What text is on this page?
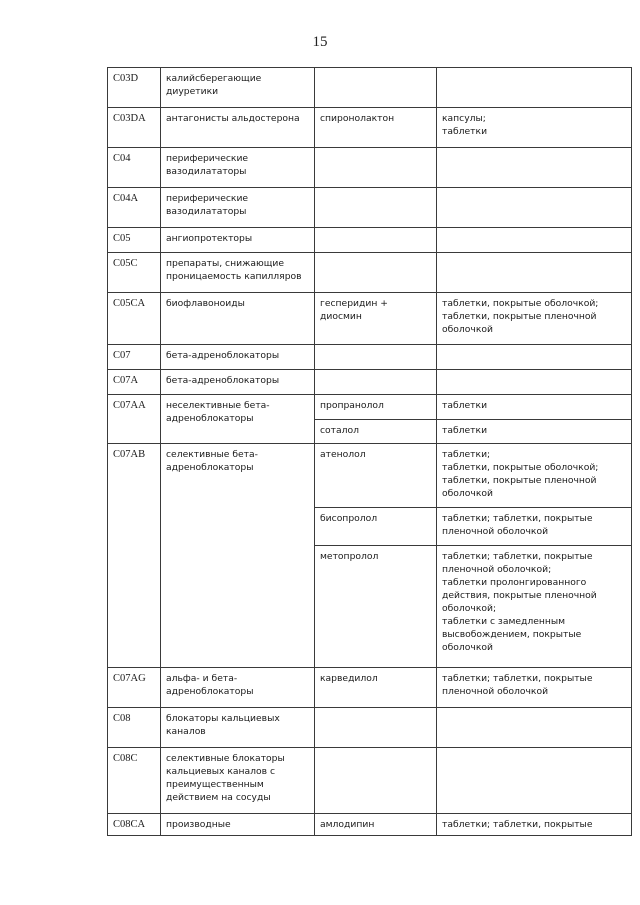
15
C03D	калийсберегающие диуретики		
C03DA	антагонисты альдостерона	спиронолактон	капсулы;
таблетки
C04	периферические вазодилататоры		
C04A	периферические вазодилататоры		
C05	ангиопротекторы		
C05C	препараты, снижающие проницаемость капилляров		
C05CA	биофлавоноиды	гесперидин + диосмин	таблетки, покрытые оболочкой; таблетки, покрытые пленочной оболочкой
C07	бета-адреноблокаторы		
C07A	бета-адреноблокаторы		
C07AA	неселективные бета-адреноблокаторы	пропранолол	таблетки
		соталол	таблетки
C07AB	селективные бета-адреноблокаторы	атенолол	таблетки;
таблетки, покрытые оболочкой;
таблетки, покрытые пленочной оболочкой
		бисопролол	таблетки; таблетки, покрытые пленочной оболочкой
		метопролол	таблетки; таблетки, покрытые пленочной оболочкой;
таблетки пролонгированного действия, покрытые пленочной оболочкой;
таблетки с замедленным высвобождением, покрытые оболочкой
C07AG	альфа- и бета-адреноблокаторы	карведилол	таблетки; таблетки, покрытые пленочной оболочкой
C08	блокаторы кальциевых каналов		
C08C	селективные блокаторы кальциевых каналов с преимущественным действием на сосуды		
C08CA	производные	амлодипин	таблетки; таблетки, покрытые
